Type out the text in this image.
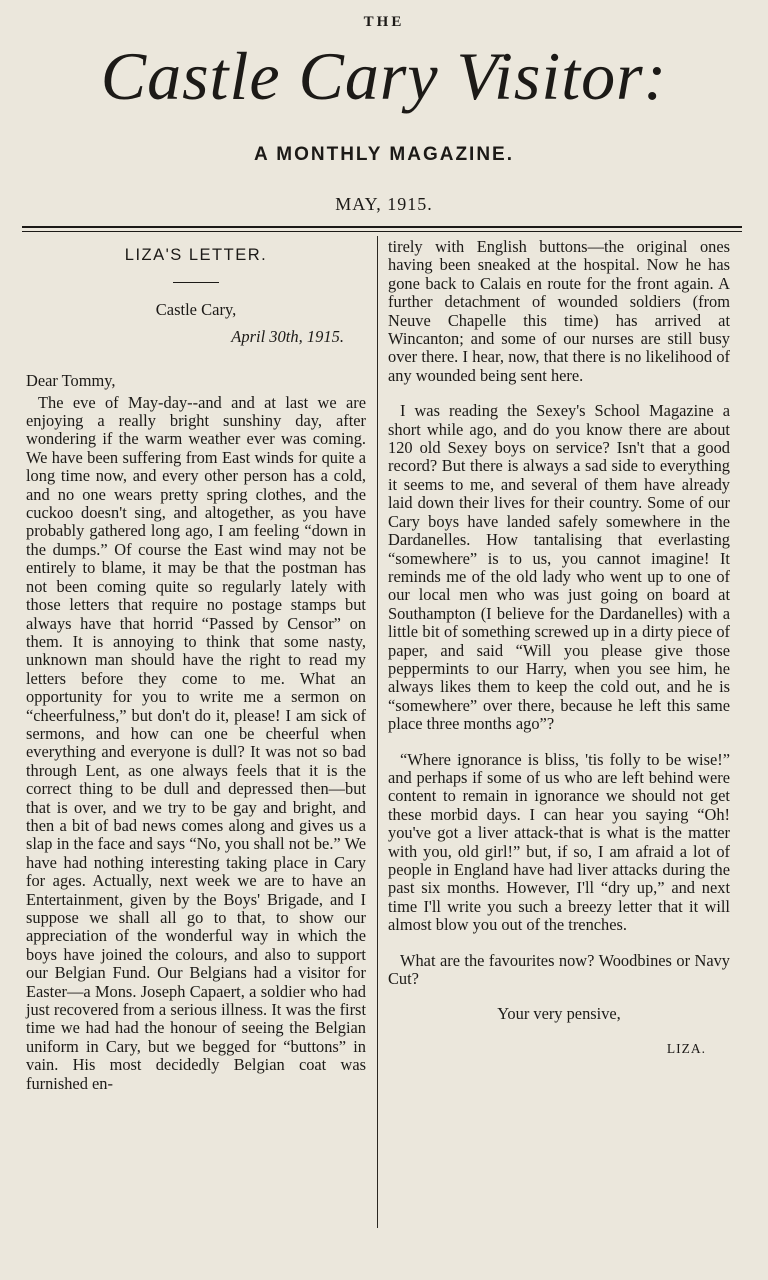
THE
Castle Cary Visitor:
A MONTHLY MAGAZINE.
MAY, 1915.
LIZA'S LETTER.
Castle Cary,
April 30th, 1915.
Dear Tommy,

The eve of May-day--and and at last we are enjoying a really bright sunshiny day, after wondering if the warm weather ever was coming. We have been suffering from East winds for quite a long time now, and every other person has a cold, and no one wears pretty spring clothes, and the cuckoo doesn't sing, and altogether, as you have probably gathered long ago, I am feeling “down in the dumps.” Of course the East wind may not be entirely to blame, it may be that the postman has not been coming quite so regularly lately with those letters that require no postage stamps but always have that horrid “Passed by Censor” on them. It is annoying to think that some nasty, unknown man should have the right to read my letters before they come to me. What an opportunity for you to write me a sermon on “cheerfulness,” but don't do it, please! I am sick of sermons, and how can one be cheerful when everything and everyone is dull? It was not so bad through Lent, as one always feels that it is the correct thing to be dull and depressed then—but that is over, and we try to be gay and bright, and then a bit of bad news comes along and gives us a slap in the face and says “No, you shall not be.” We have had nothing interesting taking place in Cary for ages. Actually, next week we are to have an Entertainment, given by the Boys' Brigade, and I suppose we shall all go to that, to show our appreciation of the wonderful way in which the boys have joined the colours, and also to support our Belgian Fund. Our Belgians had a visitor for Easter—a Mons. Joseph Capaert, a soldier who had just recovered from a serious illness. It was the first time we had had the honour of seeing the Belgian uniform in Cary, but we begged for “buttons” in vain. His most decidedly Belgian coat was furnished en-

tirely with English buttons—the original ones having been sneaked at the hospital. Now he has gone back to Calais en route for the front again. A further detachment of wounded soldiers (from Neuve Chapelle this time) has arrived at Wincanton; and some of our nurses are still busy over there. I hear, now, that there is no likelihood of any wounded being sent here.

I was reading the Sexey's School Magazine a short while ago, and do you know there are about 120 old Sexey boys on service? Isn't that a good record? But there is always a sad side to everything it seems to me, and several of them have already laid down their lives for their country. Some of our Cary boys have landed safely somewhere in the Dardanelles. How tantalising that everlasting “somewhere” is to us, you cannot imagine! It reminds me of the old lady who went up to one of our local men who was just going on board at Southampton (I believe for the Dardanelles) with a little bit of something screwed up in a dirty piece of paper, and said “Will you please give those peppermints to our Harry, when you see him, he always likes them to keep the cold out, and he is “somewhere” over there, because he left this same place three months ago”?

“Where ignorance is bliss, 'tis folly to be wise!” and perhaps if some of us who are left behind were content to remain in ignorance we should not get these morbid days. I can hear you saying “Oh! you've got a liver attack-that is what is the matter with you, old girl!” but, if so, I am afraid a lot of people in England have had liver attacks during the past six months. However, I'll “dry up,” and next time I'll write you such a breezy letter that it will almost blow you out of the trenches.

What are the favourites now? Woodbines or Navy Cut?

Your very pensive,
LIZA.
